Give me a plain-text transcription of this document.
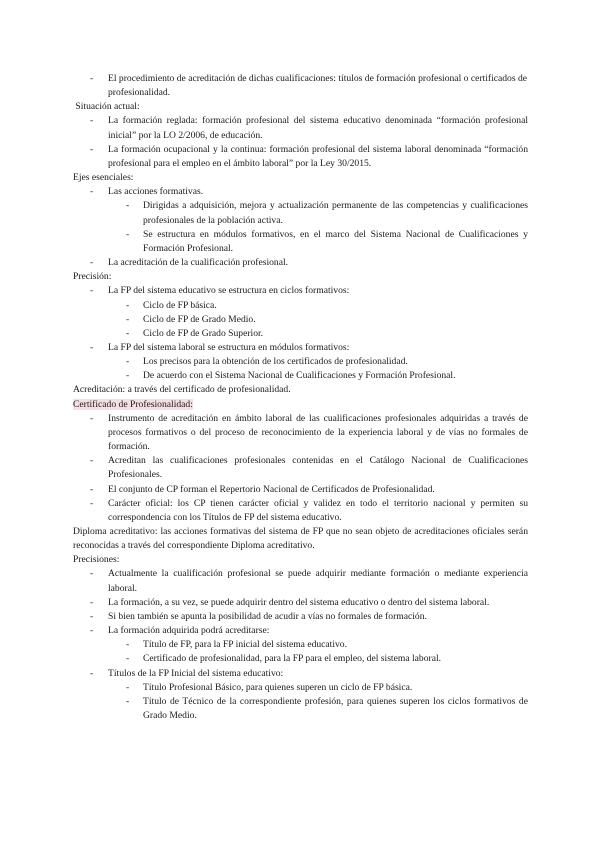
- El procedimiento de acreditación de dichas cualificaciones: títulos de formación profesional o certificados de profesionalidad.
Situación actual:
- La formación reglada: formación profesional del sistema educativo denominada “formación profesional inicial” por la LO 2/2006, de educación.
- La formación ocupacional y la continua: formación profesional del sistema laboral denominada “formación profesional para el empleo en el ámbito laboral” por la Ley 30/2015.
Ejes esenciales:
- Las acciones formativas.
- Dirigidas a adquisición, mejora y actualización permanente de las competencias y cualificaciones profesionales de la población activa.
- Se estructura en módulos formativos, en el marco del Sistema Nacional de Cualificaciones y Formación Profesional.
- La acreditación de la cualificación profesional.
Precisión:
- La FP del sistema educativo se estructura en ciclos formativos:
- Ciclo de FP básica.
- Ciclo de FP de Grado Medio.
- Ciclo de FP de Grado Superior.
- La FP del sistema laboral se estructura en módulos formativos:
- Los precisos para la obtención de los certificados de profesionalidad.
- De acuerdo con el Sistema Nacional de Cualificaciones y Formación Profesional.
Acreditación: a través del certificado de profesionalidad.
Certificado de Profesionalidad:
- Instrumento de acreditación en ámbito laboral de las cualificaciones profesionales adquiridas a través de procesos formativos o del proceso de reconocimiento de la experiencia laboral y de vías no formales de formación.
- Acreditan las cualificaciones profesionales contenidas en el Catálogo Nacional de Cualificaciones Profesionales.
- El conjunto de CP forman el Repertorio Nacional de Certificados de Profesionalidad.
- Carácter oficial: los CP tienen carácter oficial y validez en todo el territorio nacional y permiten su correspondencia con los Títulos de FP del sistema educativo.
Diploma acreditativo: las acciones formativas del sistema de FP que no sean objeto de acreditaciones oficiales serán reconocidas a través del correspondiente Diploma acreditativo.
Precisiones:
- Actualmente la cualificación profesional se puede adquirir mediante formación o mediante experiencia laboral.
- La formación, a su vez, se puede adquirir dentro del sistema educativo o dentro del sistema laboral.
- Si bien también se apunta la posibilidad de acudir a vías no formales de formación.
- La formación adquirida podrá acreditarse:
- Título de FP, para la FP inicial del sistema educativo.
- Certificado de profesionalidad, para la FP para el empleo, del sistema laboral.
- Títulos de la FP Inicial del sistema educativo:
- Título Profesional Básico, para quienes superen un ciclo de FP básica.
- Título de Técnico de la correspondiente profesión, para quienes superen los ciclos formativos de Grado Medio.
